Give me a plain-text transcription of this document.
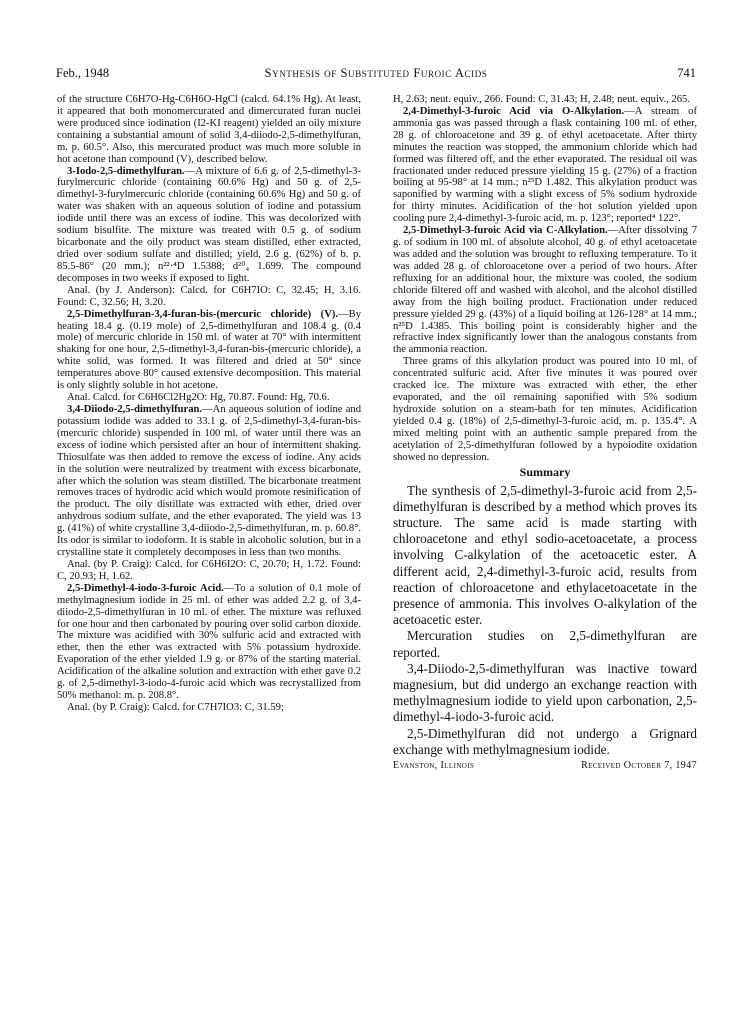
Feb., 1948	Synthesis of Substituted Furoic Acids	741

of the structure C6H7O-Hg-C6H6O-HgCl (calcd. 64.1% Hg). At least, it appeared that both monomercurated and dimercurated furan nuclei were produced since iodination (I2-KI reagent) yielded an oily mixture containing a substantial amount of solid 3,4-diiodo-2,5-dimethylfuran, m. p. 60.5°. Also, this mercurated product was much more soluble in hot acetone than compound (V), described below.

3-Iodo-2,5-dimethylfuran.—A mixture of 6.6 g. of 2,5-dimethyl-3-furylmercuric chloride (containing 60.6% Hg) and 50 g. of 2,5-dimethyl-3-furylmercuric chloride (containing 60.6% Hg) and 50 g. of water was shaken with an aqueous solution of iodine and potassium iodide until there was an excess of iodine. This was decolorized with sodium bisulfite. The mixture was treated with 0.5 g. of sodium bicarbonate and the oily product was steam distilled, ether extracted, dried over sodium sulfate and distilled; yield, 2.6 g. (62%) of b. p. 85.5-86° (20 mm.); n²²·⁴D 1.5388; d²⁰₄ 1.699. The compound decomposes in two weeks if exposed to light.

Anal. (by J. Anderson): Calcd. for C6H7IO: C, 32.45; H, 3.16. Found: C, 32.56; H, 3.20.

2,5-Dimethylfuran-3,4-furan-bis-(mercuric chloride) (V).—By heating 18.4 g. (0.19 mole) of 2,5-dimethylfuran and 108.4 g. (0.4 mole) of mercuric chloride in 150 ml. of water at 70° with intermittent shaking for one hour, 2,5-dimethyl-3,4-furan-bis-(mercuric chloride), a white solid, was formed. It was filtered and dried at 50° since temperatures above 80° caused extensive decomposition. This material is only slightly soluble in hot acetone.

Anal. Calcd. for C6H6Cl2Hg2O: Hg, 70.87. Found: Hg, 70.6.

3,4-Diiodo-2,5-dimethylfuran.—An aqueous solution of iodine and potassium iodide was added to 33.1 g. of 2,5-dimethyl-3,4-furan-bis-(mercuric chloride) suspended in 100 ml. of water until there was an excess of iodine which persisted after an hour of intermittent shaking. Thiosulfate was then added to remove the excess of iodine. Any acids in the solution were neutralized by treatment with excess bicarbonate, after which the solution was steam distilled. The bicarbonate treatment removes traces of hydrodic acid which would promote resinification of the product. The oily distillate was extracted with ether, dried over anhydrous sodium sulfate, and the ether evaporated. The yield was 13 g. (41%) of white crystalline 3,4-diiodo-2,5-dimethylfuran, m. p. 60.8°. Its odor is similar to iodoform. It is stable in alcoholic solution, but in a crystalline state it completely decomposes in less than two months.

Anal. (by P. Craig): Calcd. for C6H6I2O: C, 20.70; H, 1.72. Found: C, 20.93; H, 1.62.

2,5-Dimethyl-4-iodo-3-furoic Acid.—To a solution of 0.1 mole of methylmagnesium iodide in 25 ml. of ether was added 2.2 g. of 3,4-diiodo-2,5-dimethylfuran in 10 ml. of ether. The mixture was refluxed for one hour and then carbonated by pouring over solid carbon dioxide. The mixture was acidified with 30% sulfuric acid and extracted with ether, then the ether was extracted with 5% potassium hydroxide. Evaporation of the ether yielded 1.9 g. or 87% of the starting material. Acidification of the alkaline solution and extraction with ether gave 0.2 g. of 2,5-dimethyl-3-iodo-4-furoic acid which was recrystallized from 50% methanol: m. p. 208.8°.

Anal. (by P. Craig): Calcd. for C7H7IO3: C, 31.59;

H, 2.63; neut. equiv., 266. Found: C, 31.43; H, 2.48; neut. equiv., 265.

2,4-Dimethyl-3-furoic Acid via O-Alkylation.—A stream of ammonia gas was passed through a flask containing 100 ml. of ether, 28 g. of chloroacetone and 39 g. of ethyl acetoacetate. After thirty minutes the reaction was stopped, the ammonium chloride which had formed was filtered off, and the ether evaporated. The residual oil was fractionated under reduced pressure yielding 15 g. (27%) of a fraction boiling at 95-98° at 14 mm.; n²⁵D 1.482. This alkylation product was saponified by warming with a slight excess of 5% sodium hydroxide for thirty minutes. Acidification of the hot solution yielded upon cooling pure 2,4-dimethyl-3-furoic acid, m. p. 123°; reported⁴ 122°.

2,5-Dimethyl-3-furoic Acid via C-Alkylation.—After dissolving 7 g. of sodium in 100 ml. of absolute alcohol, 40 g. of ethyl acetoacetate was added and the solution was brought to refluxing temperature. To it was added 28 g. of chloroacetone over a period of two hours. After refluxing for an additional hour, the mixture was cooled, the sodium chloride filtered off and washed with alcohol, and the alcohol distilled away from the high boiling product. Fractionation under reduced pressure yielded 29 g. (43%) of a liquid boiling at 126-128° at 14 mm.; n²⁵D 1.4385. This boiling point is considerably higher and the refractive index significantly lower than the analogous constants from the ammonia reaction.

Three grams of this alkylation product was poured into 10 ml. of concentrated sulfuric acid. After five minutes it was poured over cracked ice. The mixture was extracted with ether, the ether evaporated, and the oil remaining saponified with 5% sodium hydroxide solution on a steam-bath for ten minutes. Acidification yielded 0.4 g. (18%) of 2,5-dimethyl-3-furoic acid, m. p. 135.4°. A mixed melting point with an authentic sample prepared from the acetylation of 2,5-dimethylfuran followed by a hypoiodite oxidation showed no depression.

Summary

The synthesis of 2,5-dimethyl-3-furoic acid from 2,5-dimethylfuran is described by a method which proves its structure. The same acid is made starting with chloroacetone and ethyl sodio-acetoacetate, a process involving C-alkylation of the acetoacetic ester. A different acid, 2,4-dimethyl-3-furoic acid, results from reaction of chloroacetone and ethylacetoacetate in the presence of ammonia. This involves O-alkylation of the acetoacetic ester.

Mercuration studies on 2,5-dimethylfuran are reported.

3,4-Diiodo-2,5-dimethylfuran was inactive toward magnesium, but did undergo an exchange reaction with methylmagnesium iodide to yield upon carbonation, 2,5-dimethyl-4-iodo-3-furoic acid.

2,5-Dimethylfuran did not undergo a Grignard exchange with methylmagnesium iodide.

Evanston, Illinois	Received October 7, 1947
